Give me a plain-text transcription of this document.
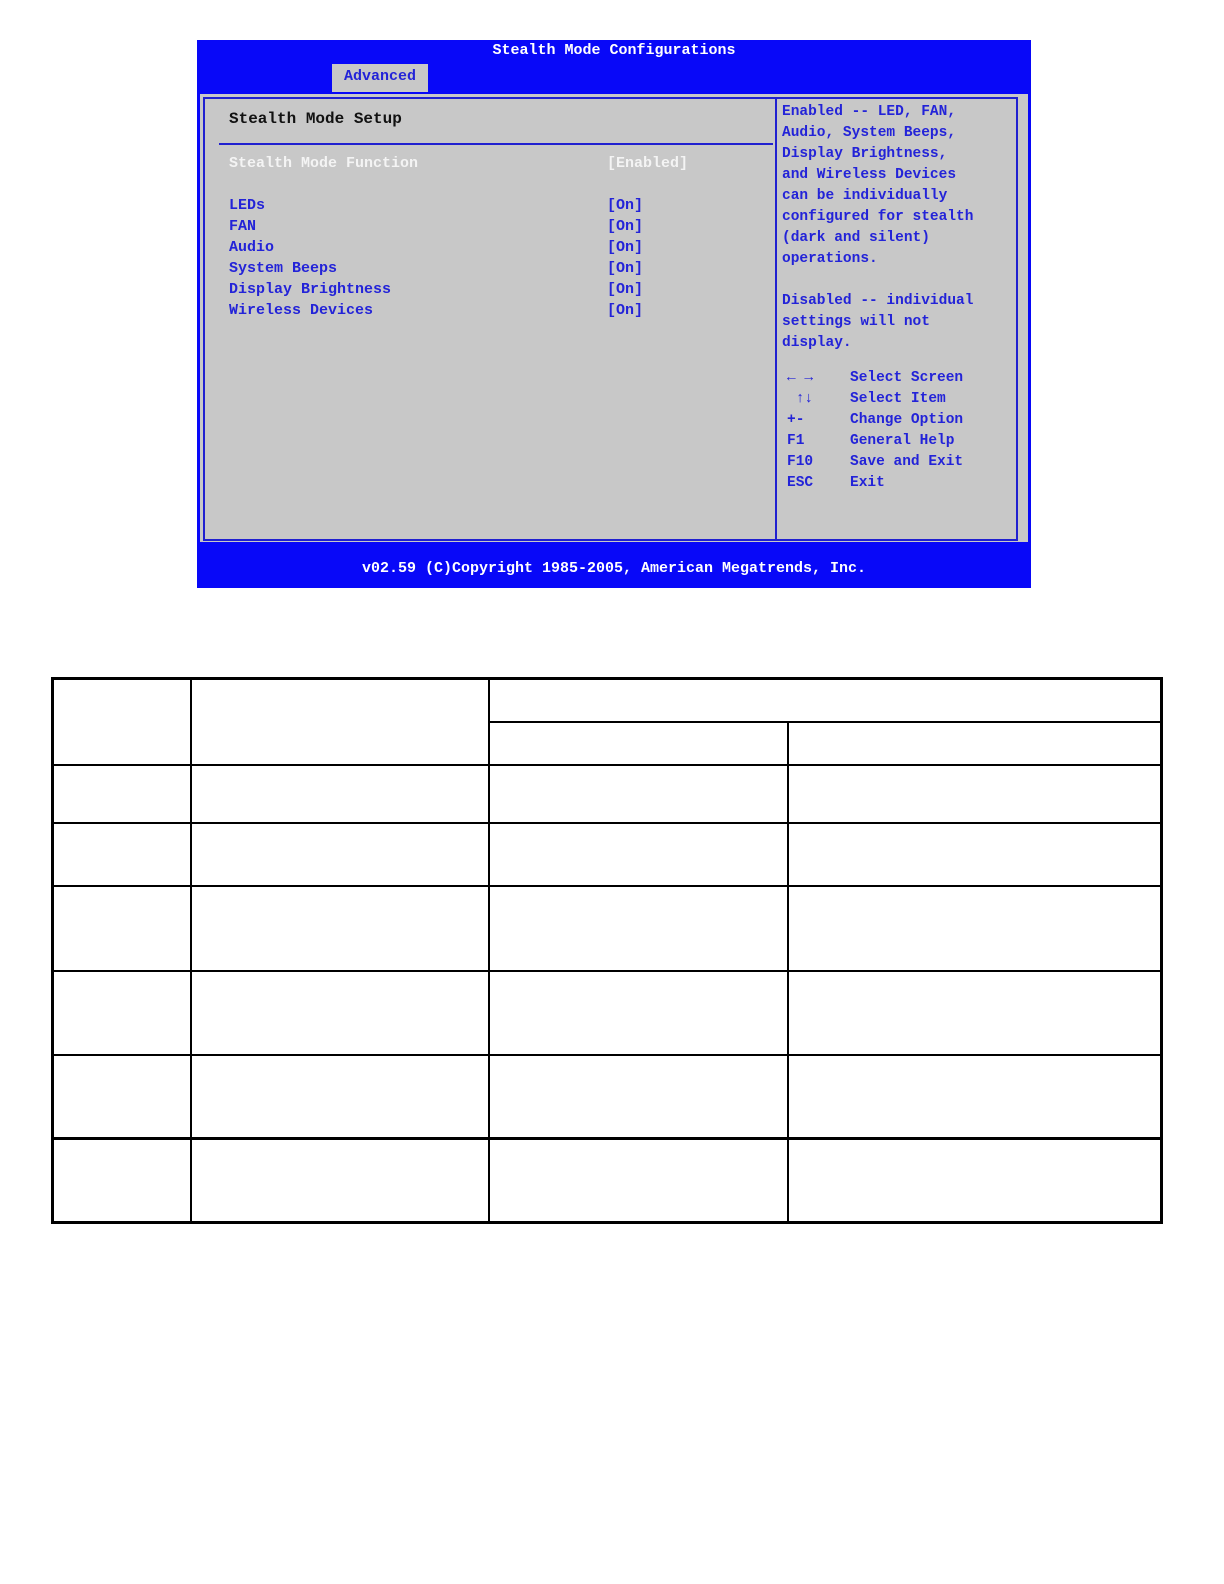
Stealth Mode Configurations
Advanced
Stealth Mode Setup
Stealth Mode Function	[Enabled]
LEDs	[On]
FAN	[On]
Audio	[On]
System Beeps	[On]
Display Brightness	[On]
Wireless Devices	[On]
Enabled -- LED, FAN,
Audio, System Beeps,
Display Brightness,
and Wireless Devices
can be individually
configured for stealth
(dark and silent)
operations.

Disabled -- individual
settings will not
display.
← →	Select Screen
↑↓	Select Item
+-	Change Option
F1	General Help
F10	Save and Exit
ESC	Exit
v02.59 (C)Copyright 1985-2005, American Megatrends, Inc.
